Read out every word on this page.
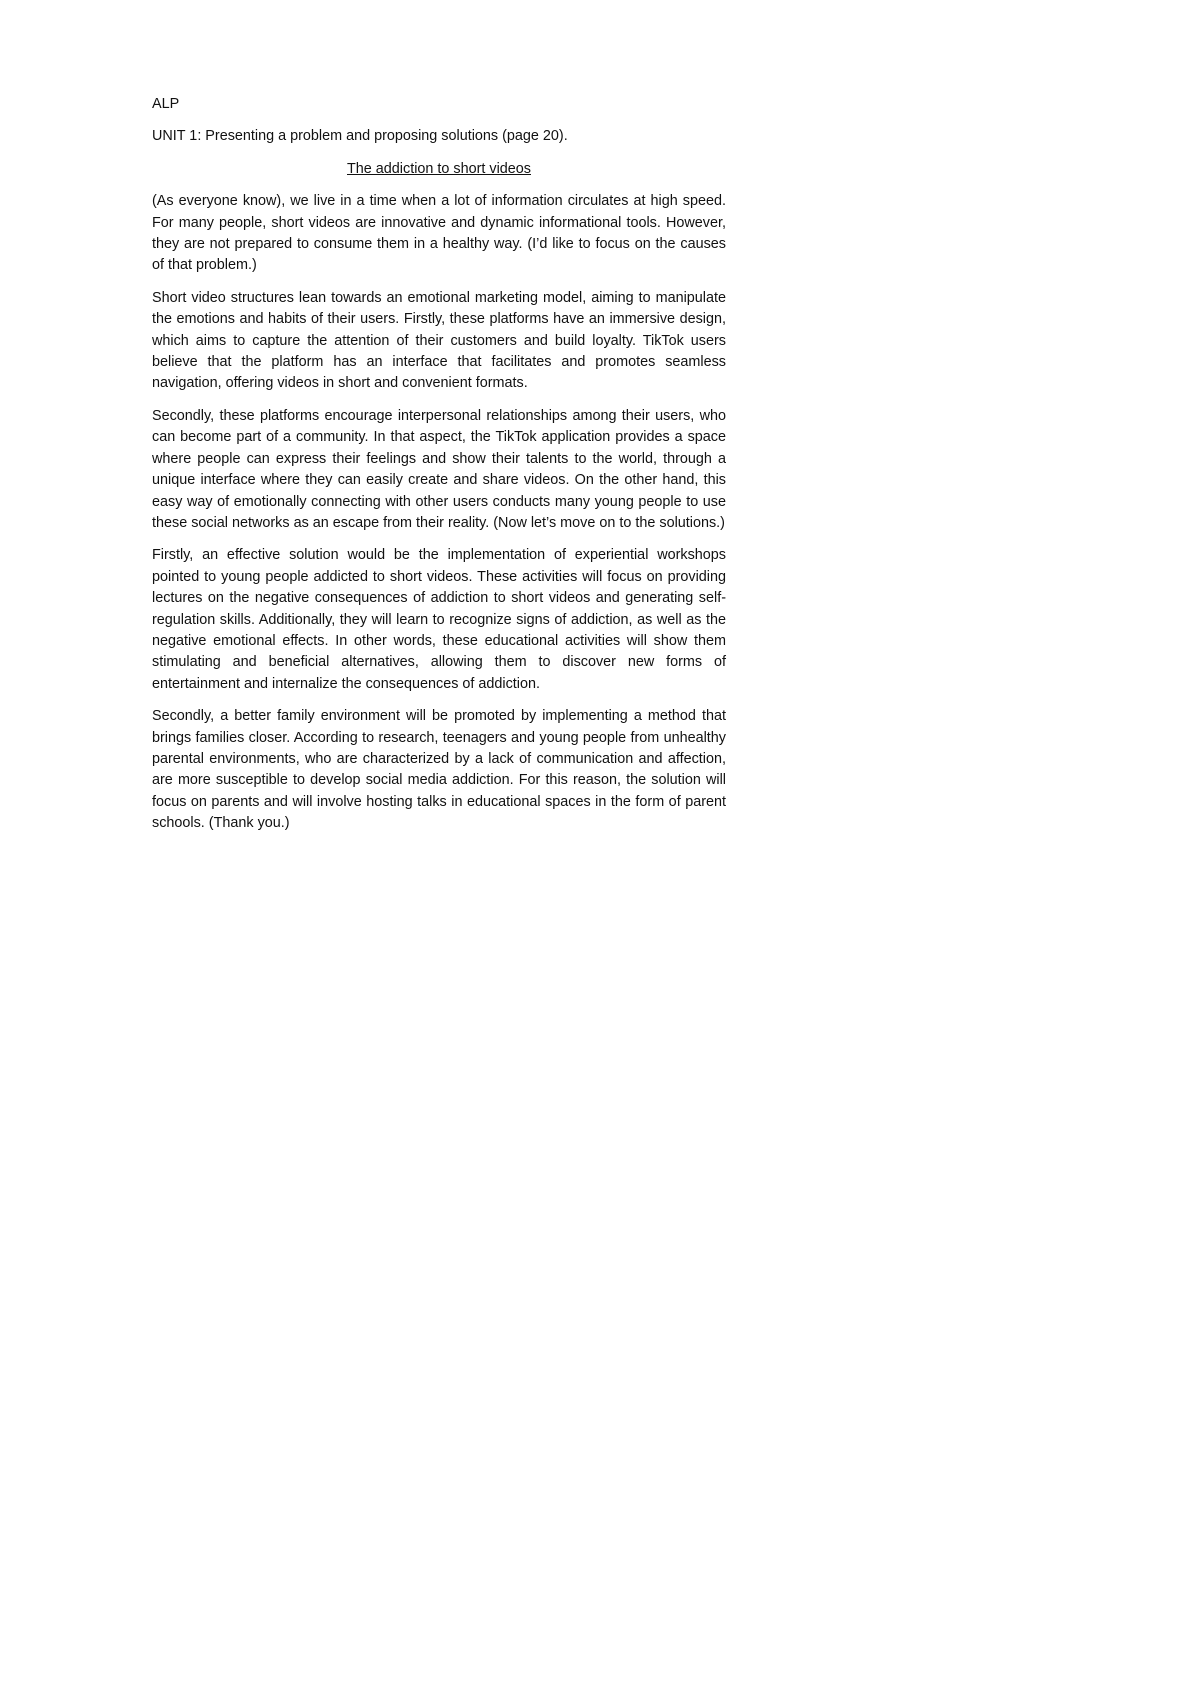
ALP

UNIT 1: Presenting a problem and proposing solutions (page 20).

The addiction to short videos

(As everyone know), we live in a time when a lot of information circulates at high speed. For many people, short videos are innovative and dynamic informational tools. However, they are not prepared to consume them in a healthy way. (I’d like to focus on the causes of that problem.)

Short video structures lean towards an emotional marketing model, aiming to manipulate the emotions and habits of their users. Firstly, these platforms have an immersive design, which aims to capture the attention of their customers and build loyalty. TikTok users believe that the platform has an interface that facilitates and promotes seamless navigation, offering videos in short and convenient formats.

Secondly, these platforms encourage interpersonal relationships among their users, who can become part of a community. In that aspect, the TikTok application provides a space where people can express their feelings and show their talents to the world, through a unique interface where they can easily create and share videos. On the other hand, this easy way of emotionally connecting with other users conducts many young people to use these social networks as an escape from their reality. (Now let’s move on to the solutions.)

Firstly, an effective solution would be the implementation of experiential workshops pointed to young people addicted to short videos. These activities will focus on providing lectures on the negative consequences of addiction to short videos and generating self-regulation skills. Additionally, they will learn to recognize signs of addiction, as well as the negative emotional effects. In other words, these educational activities will show them stimulating and beneficial alternatives, allowing them to discover new forms of entertainment and internalize the consequences of addiction.

Secondly, a better family environment will be promoted by implementing a method that brings families closer. According to research, teenagers and young people from unhealthy parental environments, who are characterized by a lack of communication and affection, are more susceptible to develop social media addiction. For this reason, the solution will focus on parents and will involve hosting talks in educational spaces in the form of parent schools. (Thank you.)
